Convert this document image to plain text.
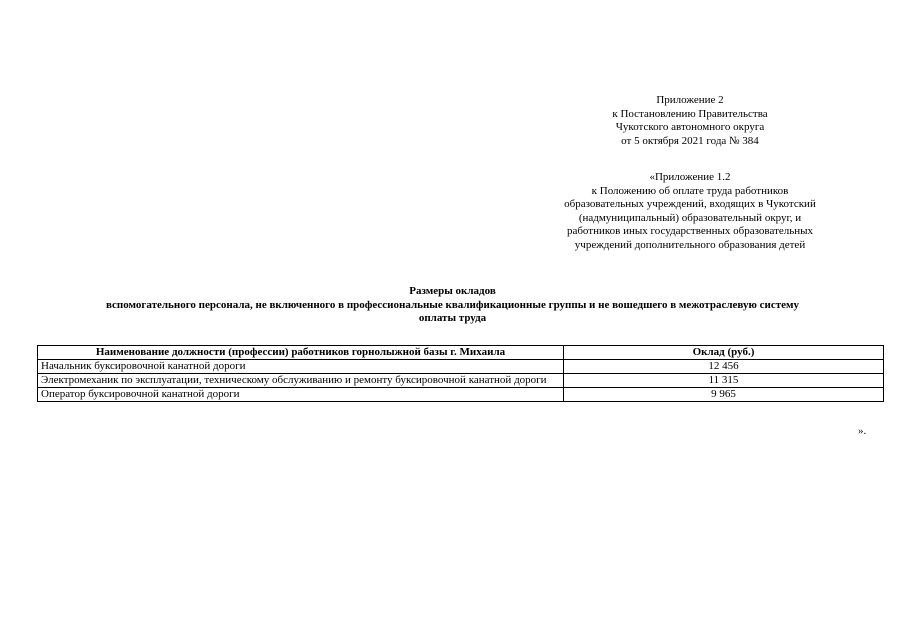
Приложение 2
к Постановлению Правительства
Чукотского автономного округа
от 5 октября 2021 года № 384
«Приложение 1.2
к Положению об оплате труда работников
образовательных учреждений, входящих в Чукотский
(надмуниципальный) образовательный округ, и
работников иных государственных образовательных
учреждений дополнительного образования детей
Размеры окладов
вспомогательного персонала, не включенного в профессиональные квалификационные группы и не вошедшего в межотраслевую систему
оплаты труда
Наименование должности (профессии) работников горнолыжной базы г. Михаила	Оклад (руб.)
Начальник буксировочной канатной дороги	12 456
Электромеханик по эксплуатации, техническому обслуживанию и ремонту буксировочной канатной дороги	11 315
Оператор буксировочной канатной дороги	9 965
».
